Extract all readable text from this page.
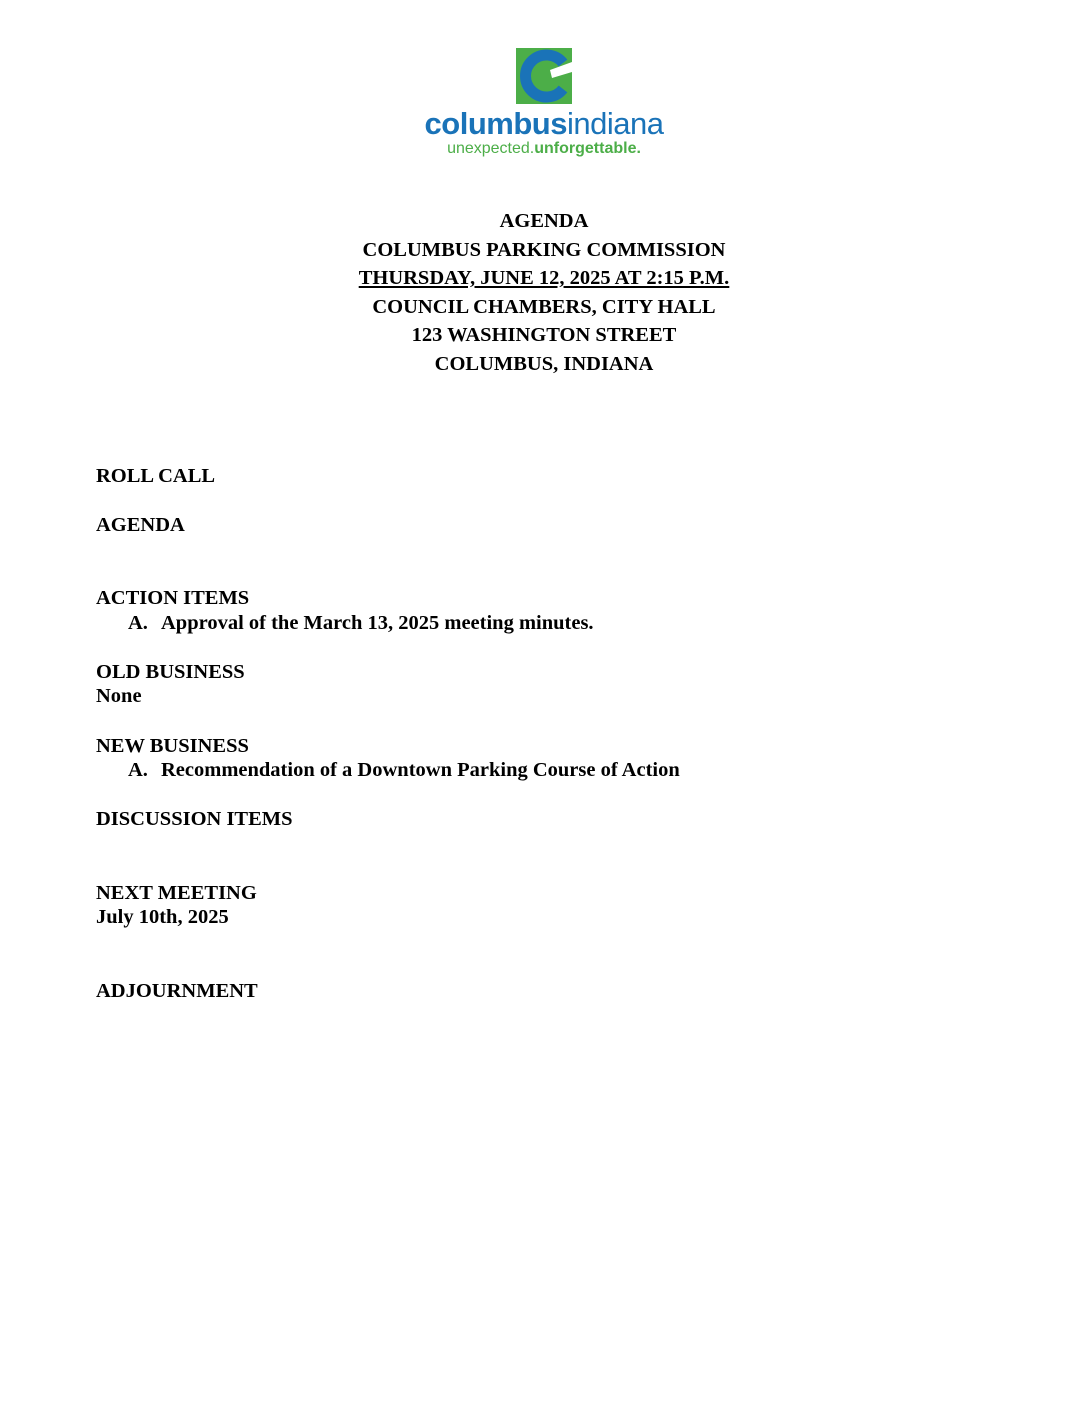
columbusindiana
unexpected.unforgettable.
AGENDA
COLUMBUS PARKING COMMISSION
THURSDAY, JUNE 12, 2025 AT 2:15 P.M.
COUNCIL CHAMBERS, CITY HALL
123 WASHINGTON STREET
COLUMBUS, INDIANA
ROLL CALL
AGENDA
ACTION ITEMS
A. Approval of the March 13, 2025 meeting minutes.
OLD BUSINESS
None
NEW BUSINESS
A. Recommendation of a Downtown Parking Course of Action
DISCUSSION ITEMS
NEXT MEETING
July 10th, 2025
ADJOURNMENT
